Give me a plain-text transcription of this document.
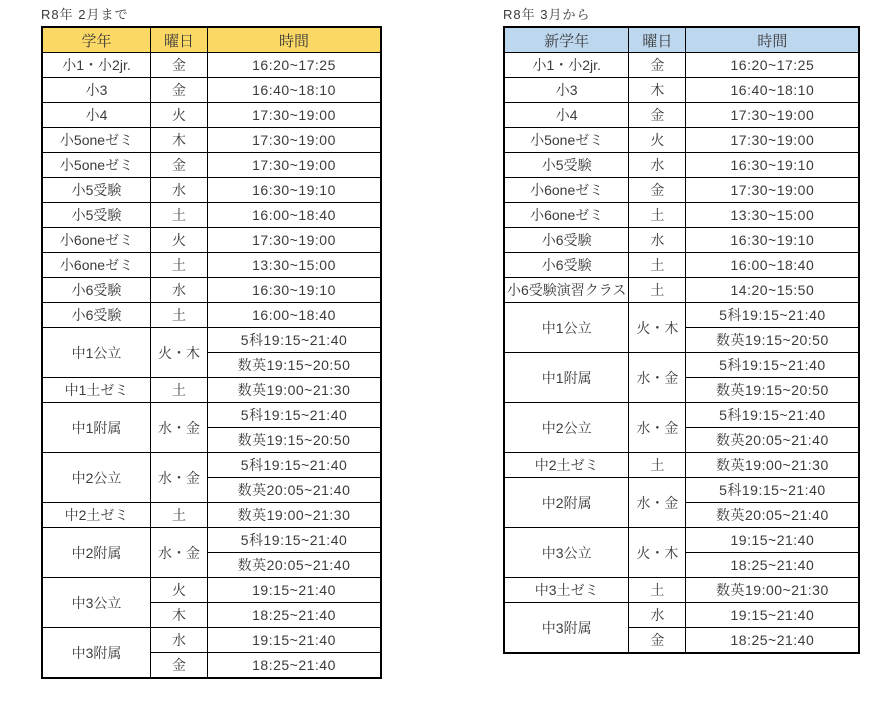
R8年 2月まで
学年	曜日	時間
小1・小2jr.	金	16:20~17:25
小3	金	16:40~18:10
小4	火	17:30~19:00
小5oneゼミ	木	17:30~19:00
小5oneゼミ	金	17:30~19:00
小5受験	水	16:30~19:10
小5受験	土	16:00~18:40
小6oneゼミ	火	17:30~19:00
小6oneゼミ	土	13:30~15:00
小6受験	水	16:30~19:10
小6受験	土	16:00~18:40
中1公立	火・木	5科19:15~21:40
		数英19:15~20:50
中1土ゼミ	土	数英19:00~21:30
中1附属	水・金	5科19:15~21:40
		数英19:15~20:50
中2公立	水・金	5科19:15~21:40
		数英20:05~21:40
中2土ゼミ	土	数英19:00~21:30
中2附属	水・金	5科19:15~21:40
		数英20:05~21:40
中3公立	火	19:15~21:40
	木	18:25~21:40
中3附属	水	19:15~21:40
	金	18:25~21:40
R8年 3月から
新学年	曜日	時間
小1・小2jr.	金	16:20~17:25
小3	木	16:40~18:10
小4	金	17:30~19:00
小5oneゼミ	火	17:30~19:00
小5受験	水	16:30~19:10
小6oneゼミ	金	17:30~19:00
小6oneゼミ	土	13:30~15:00
小6受験	水	16:30~19:10
小6受験	土	16:00~18:40
小6受験演習クラス	土	14:20~15:50
中1公立	火・木	5科19:15~21:40
		数英19:15~20:50
中1附属	水・金	5科19:15~21:40
		数英19:15~20:50
中2公立	水・金	5科19:15~21:40
		数英20:05~21:40
中2土ゼミ	土	数英19:00~21:30
中2附属	水・金	5科19:15~21:40
		数英20:05~21:40
中3公立	火・木	19:15~21:40
		18:25~21:40
中3土ゼミ	土	数英19:00~21:30
中3附属	水	19:15~21:40
	金	18:25~21:40
